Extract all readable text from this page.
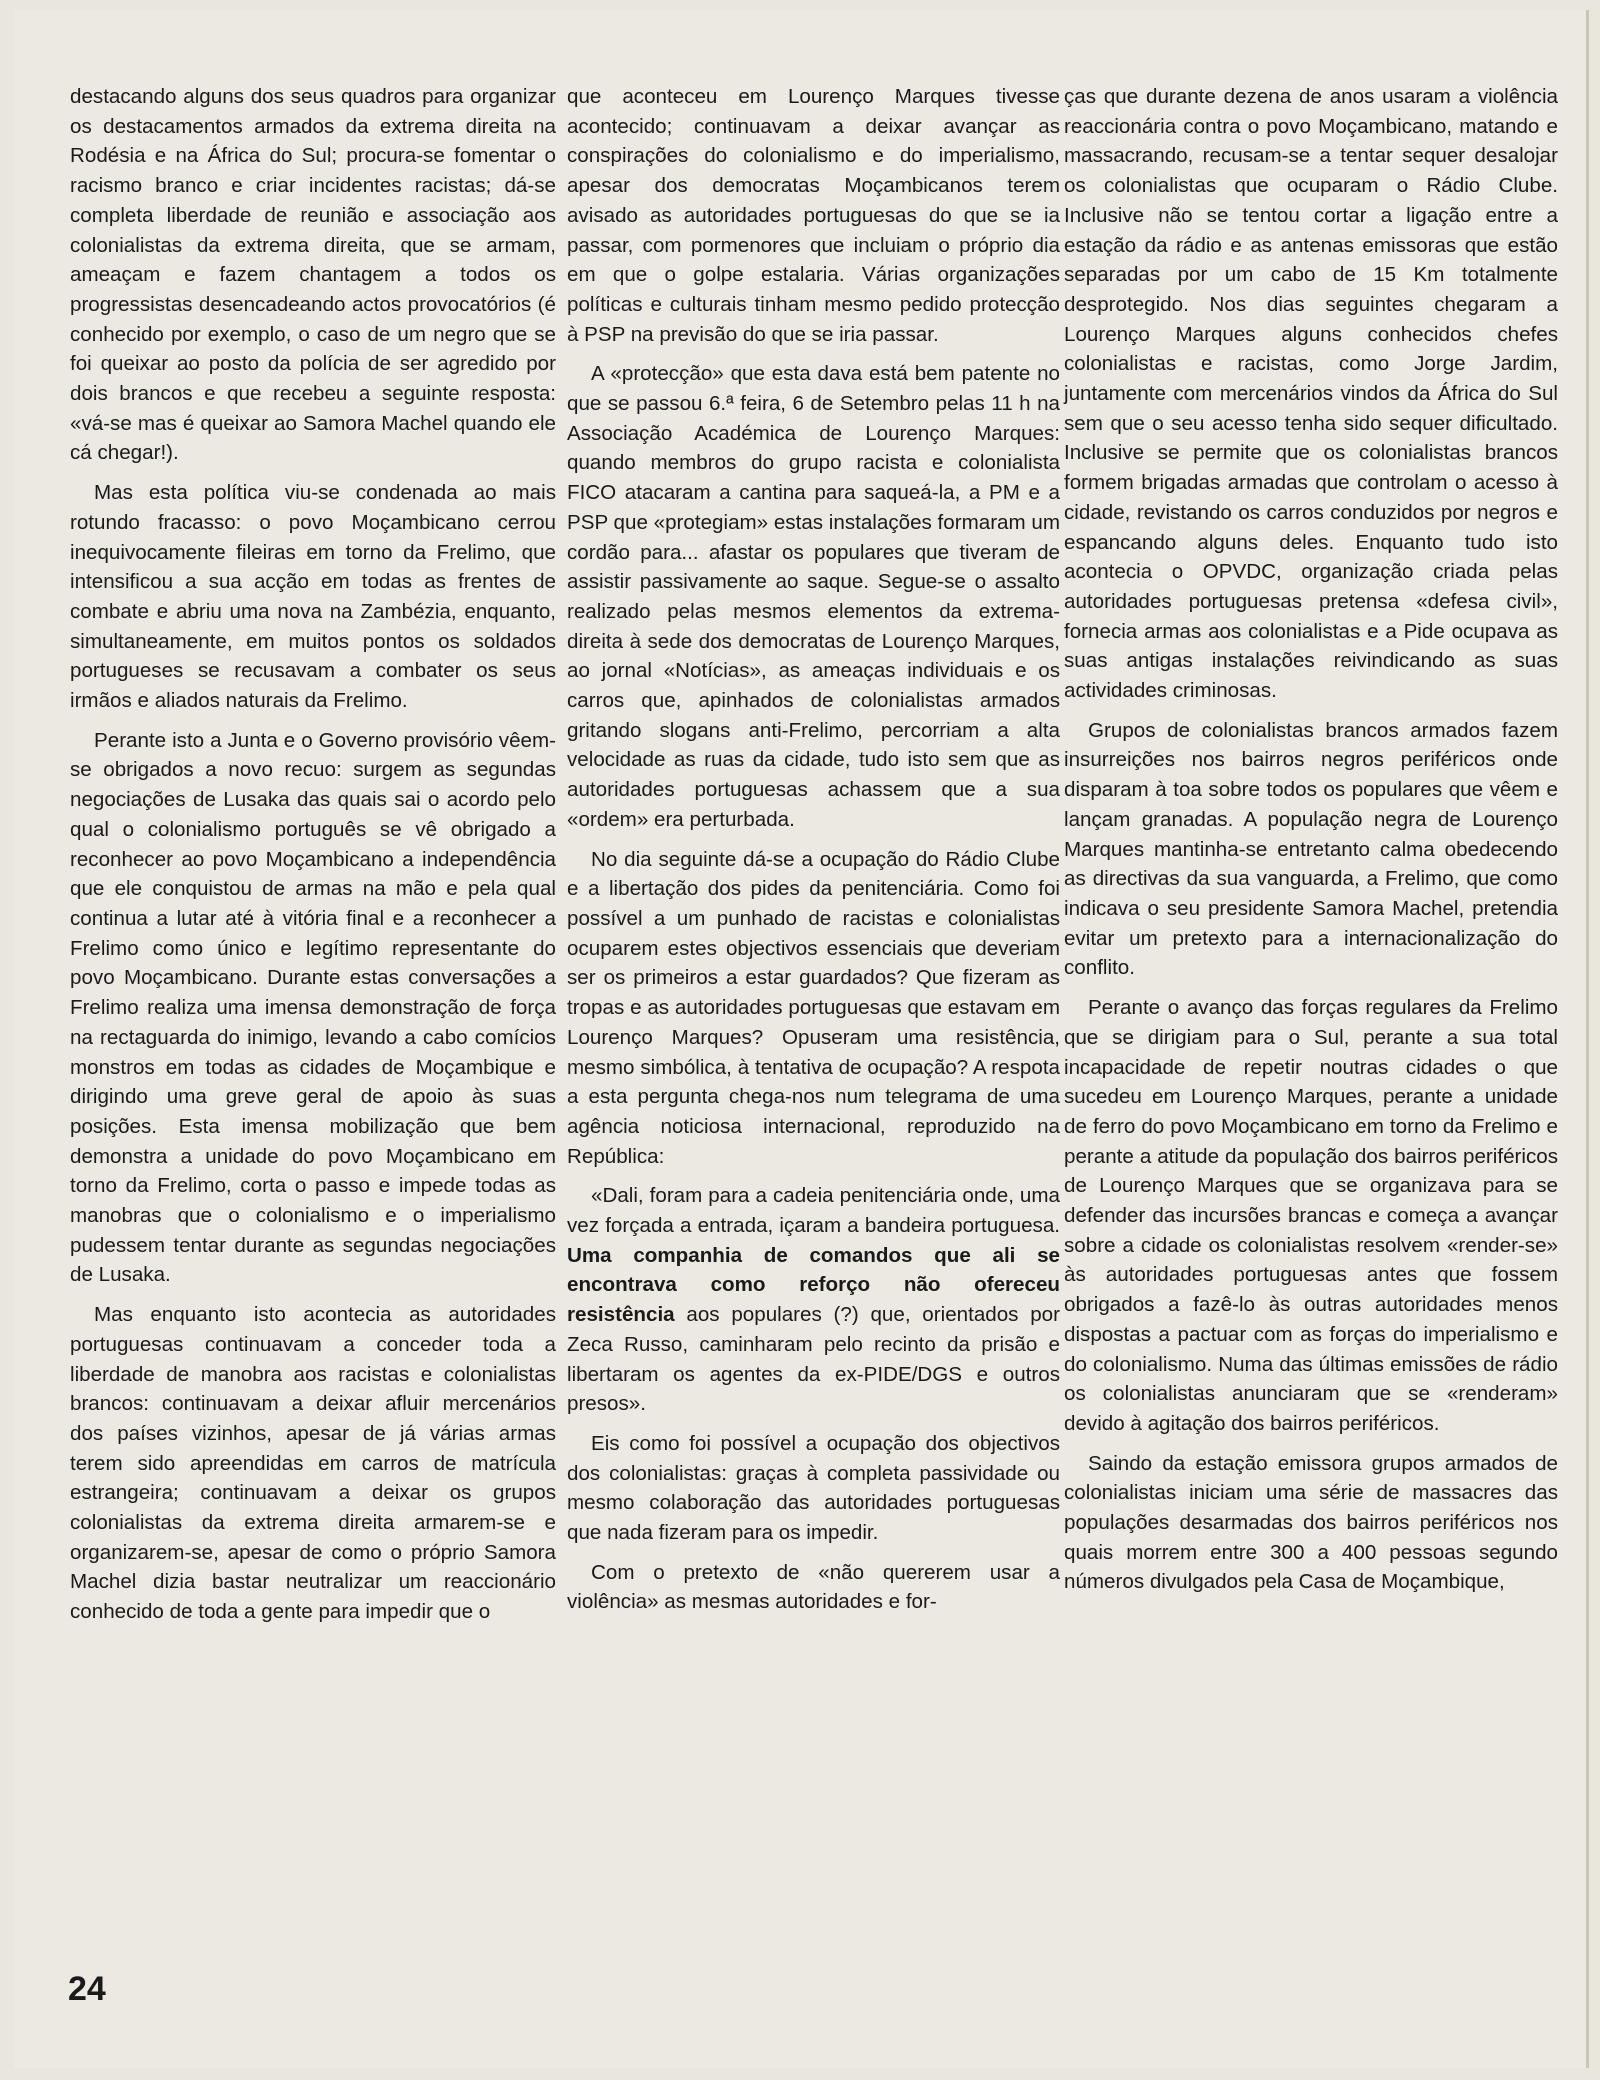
destacando alguns dos seus quadros para organizar os destacamentos armados da extrema direita na Rodésia e na África do Sul; procura-se fomentar o racismo branco e criar incidentes racistas; dá-se completa liberdade de reunião e associação aos colonialistas da extrema direita, que se armam, ameaçam e fazem chantagem a todos os progressistas desencadeando actos provocatórios (é conhecido por exemplo, o caso de um negro que se foi queixar ao posto da polícia de ser agredido por dois brancos e que recebeu a seguinte resposta: «vá-se mas é queixar ao Samora Machel quando ele cá chegar!).

Mas esta política viu-se condenada ao mais rotundo fracasso: o povo Moçambicano cerrou inequivocamente fileiras em torno da Frelimo, que intensificou a sua acção em todas as frentes de combate e abriu uma nova na Zambézia, enquanto, simultaneamente, em muitos pontos os soldados portugueses se recusavam a combater os seus irmãos e aliados naturais da Frelimo.

Perante isto a Junta e o Governo provisório vêem-se obrigados a novo recuo: surgem as segundas negociações de Lusaka das quais sai o acordo pelo qual o colonialismo português se vê obrigado a reconhecer ao povo Moçambicano a independência que ele conquistou de armas na mão e pela qual continua a lutar até à vitória final e a reconhecer a Frelimo como único e legítimo representante do povo Moçambicano. Durante estas conversações a Frelimo realiza uma imensa demonstração de força na rectaguarda do inimigo, levando a cabo comícios monstros em todas as cidades de Moçambique e dirigindo uma greve geral de apoio às suas posições. Esta imensa mobilização que bem demonstra a unidade do povo Moçambicano em torno da Frelimo, corta o passo e impede todas as manobras que o colonialismo e o imperialismo pudessem tentar durante as segundas negociações de Lusaka.

Mas enquanto isto acontecia as autoridades portuguesas continuavam a conceder toda a liberdade de manobra aos racistas e colonialistas brancos: continuavam a deixar afluir mercenários dos países vizinhos, apesar de já várias armas terem sido apreendidas em carros de matrícula estrangeira; continuavam a deixar os grupos colonialistas da extrema direita armarem-se e organizarem-se, apesar de como o próprio Samora Machel dizia bastar neutralizar um reaccionário conhecido de toda a gente para impedir que o

que aconteceu em Lourenço Marques tivesse acontecido; continuavam a deixar avançar as conspirações do colonialismo e do imperialismo, apesar dos democratas Moçambicanos terem avisado as autoridades portuguesas do que se ia passar, com pormenores que incluiam o próprio dia em que o golpe estalaria. Várias organizações políticas e culturais tinham mesmo pedido protecção à PSP na previsão do que se iria passar.

A «protecção» que esta dava está bem patente no que se passou 6.ª feira, 6 de Setembro pelas 11 h na Associação Académica de Lourenço Marques: quando membros do grupo racista e colonialista FICO atacaram a cantina para saqueá-la, a PM e a PSP que «protegiam» estas instalações formaram um cordão para... afastar os populares que tiveram de assistir passivamente ao saque. Segue-se o assalto realizado pelas mesmos elementos da extrema-direita à sede dos democratas de Lourenço Marques, ao jornal «Notícias», as ameaças individuais e os carros que, apinhados de colonialistas armados gritando slogans anti-Frelimo, percorriam a alta velocidade as ruas da cidade, tudo isto sem que as autoridades portuguesas achassem que a sua «ordem» era perturbada.

No dia seguinte dá-se a ocupação do Rádio Clube e a libertação dos pides da penitenciária. Como foi possível a um punhado de racistas e colonialistas ocuparem estes objectivos essenciais que deveriam ser os primeiros a estar guardados? Que fizeram as tropas e as autoridades portuguesas que estavam em Lourenço Marques? Opuseram uma resistência, mesmo simbólica, à tentativa de ocupação? A respota a esta pergunta chega-nos num telegrama de uma agência noticiosa internacional, reproduzido na República:

«Dali, foram para a cadeia penitenciária onde, uma vez forçada a entrada, içaram a bandeira portuguesa. Uma companhia de comandos que ali se encontrava como reforço não ofereceu resistência aos populares (?) que, orientados por Zeca Russo, caminharam pelo recinto da prisão e libertaram os agentes da ex-PIDE/DGS e outros presos».

Eis como foi possível a ocupação dos objectivos dos colonialistas: graças à completa passividade ou mesmo colaboração das autoridades portuguesas que nada fizeram para os impedir.

Com o pretexto de «não quererem usar a violência» as mesmas autoridades e for-

ças que durante dezena de anos usaram a violência reaccionária contra o povo Moçambicano, matando e massacrando, recusam-se a tentar sequer desalojar os colonialistas que ocuparam o Rádio Clube. Inclusive não se tentou cortar a ligação entre a estação da rádio e as antenas emissoras que estão separadas por um cabo de 15 Km totalmente desprotegido. Nos dias seguintes chegaram a Lourenço Marques alguns conhecidos chefes colonialistas e racistas, como Jorge Jardim, juntamente com mercenários vindos da África do Sul sem que o seu acesso tenha sido sequer dificultado. Inclusive se permite que os colonialistas brancos formem brigadas armadas que controlam o acesso à cidade, revistando os carros conduzidos por negros e espancando alguns deles. Enquanto tudo isto acontecia o OPVDC, organização criada pelas autoridades portuguesas pretensa «defesa civil», fornecia armas aos colonialistas e a Pide ocupava as suas antigas instalações reivindicando as suas actividades criminosas.

Grupos de colonialistas brancos armados fazem insurreições nos bairros negros periféricos onde disparam à toa sobre todos os populares que vêem e lançam granadas. A população negra de Lourenço Marques mantinha-se entretanto calma obedecendo as directivas da sua vanguarda, a Frelimo, que como indicava o seu presidente Samora Machel, pretendia evitar um pretexto para a internacionalização do conflito.

Perante o avanço das forças regulares da Frelimo que se dirigiam para o Sul, perante a sua total incapacidade de repetir noutras cidades o que sucedeu em Lourenço Marques, perante a unidade de ferro do povo Moçambicano em torno da Frelimo e perante a atitude da população dos bairros periféricos de Lourenço Marques que se organizava para se defender das incursões brancas e começa a avançar sobre a cidade os colonialistas resolvem «render-se» às autoridades portuguesas antes que fossem obrigados a fazê-lo às outras autoridades menos dispostas a pactuar com as forças do imperialismo e do colonialismo. Numa das últimas emissões de rádio os colonialistas anunciaram que se «renderam» devido à agitação dos bairros periféricos.

Saindo da estação emissora grupos armados de colonialistas iniciam uma série de massacres das populações desarmadas dos bairros periféricos nos quais morrem entre 300 a 400 pessoas segundo números divulgados pela Casa de Moçambique,

24
